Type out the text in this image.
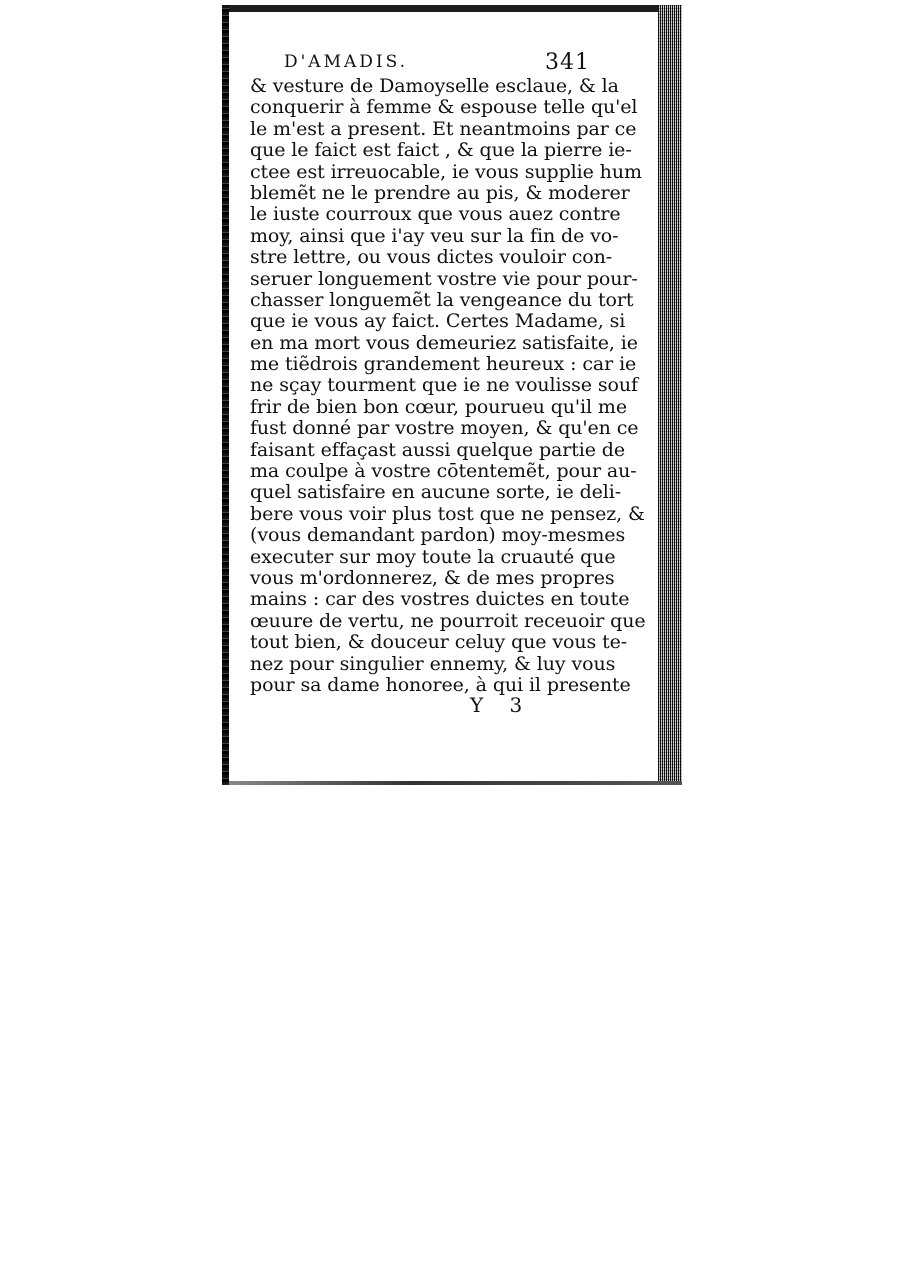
D'AMADIS.	341
& vesture de Damoyselle esclaue, & la
conquerir à femme & espouse telle qu'el
le m'est a present. Et neantmoins par ce
que le faict est faict , & que la pierre ie-
ctee est irreuocable, ie vous supplie hum
blemẽt ne le prendre au pis, & moderer
le iuste courroux que vous auez contre
moy, ainsi que i'ay veu sur la fin de vo-
stre lettre, ou vous dictes vouloir con-
seruer longuement vostre vie pour pour-
chasser longuemẽt la vengeance du tort
que ie vous ay faict. Certes Madame, si
en ma mort vous demeuriez satisfaite, ie
me tiẽdrois grandement heureux : car ie
ne sçay tourment que ie ne voulisse souf
frir de bien bon cœur, pourueu qu'il me
fust donné par vostre moyen, & qu'en ce
faisant effaçast aussi quelque partie de
ma coulpe à vostre cōtentemẽt, pour au-
quel satisfaire en aucune sorte, ie deli-
bere vous voir plus tost que ne pensez, &
(vous demandant pardon) moy-mesmes
executer sur moy toute la cruauté que
vous m'ordonnerez, & de mes propres
mains : car des vostres duictes en toute
œuure de vertu, ne pourroit receuoir que
tout bien, & douceur celuy que vous te-
nez pour singulier ennemy, & luy vous
pour sa dame honoree, à qui il presente
Y 3
